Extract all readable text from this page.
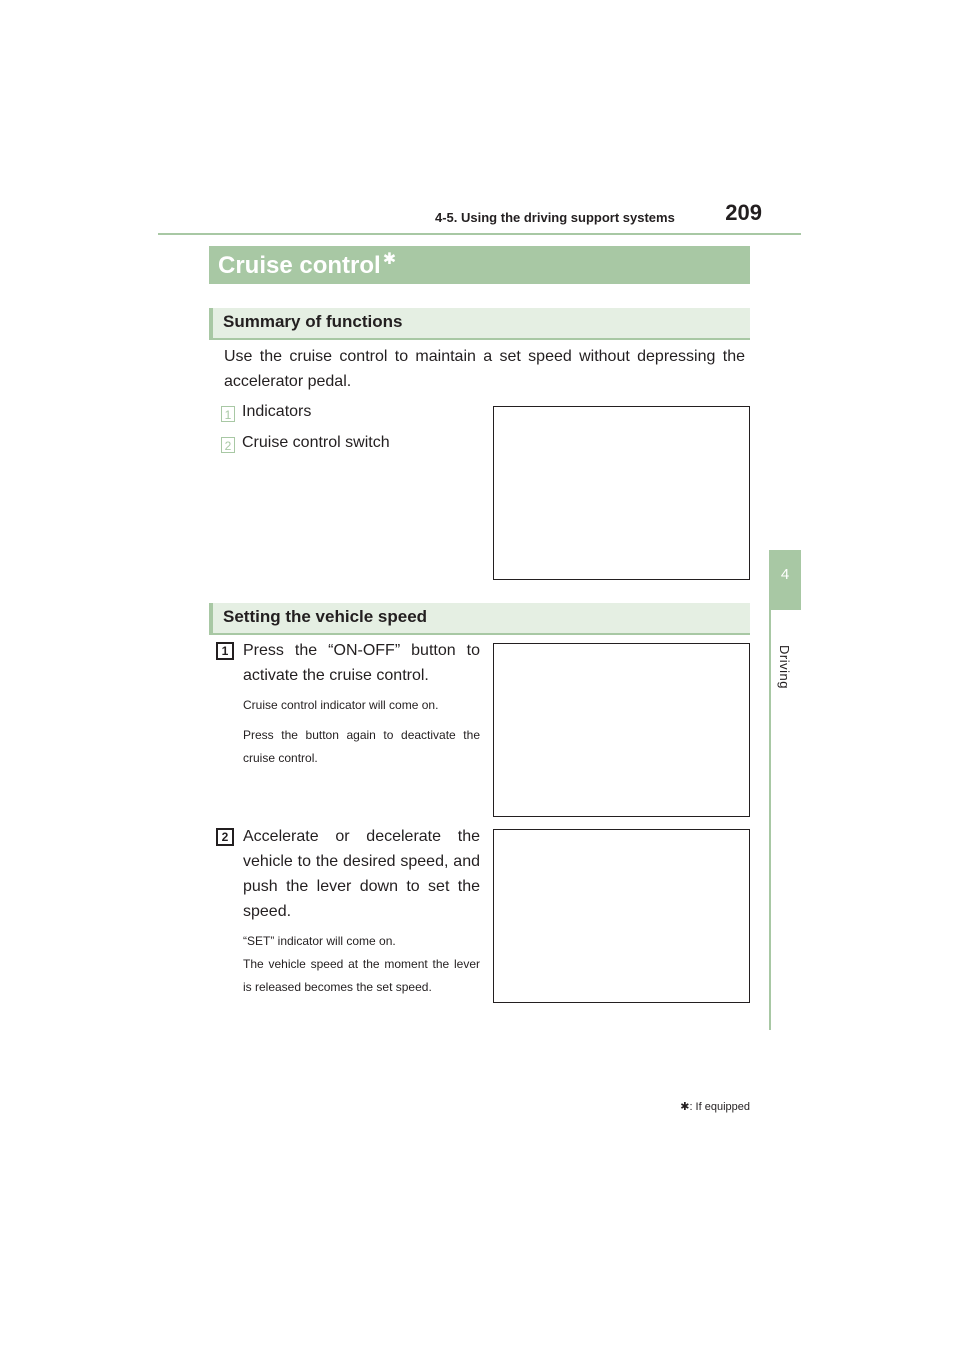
4-5. Using the driving support systems	209
4
Driving
Cruise control ✱
Summary of functions
Use the cruise control to maintain a set speed without depressing the accelerator pedal.
1 Indicators
2 Cruise control switch
Setting the vehicle speed
1 Press the “ON-OFF” button to activate the cruise control.
Cruise control indicator will come on.
Press the button again to deactivate the cruise control.
2 Accelerate or decelerate the vehicle to the desired speed, and push the lever down to set the speed.
“SET” indicator will come on.
The vehicle speed at the moment the lever is released becomes the set speed.
✱: If equipped
